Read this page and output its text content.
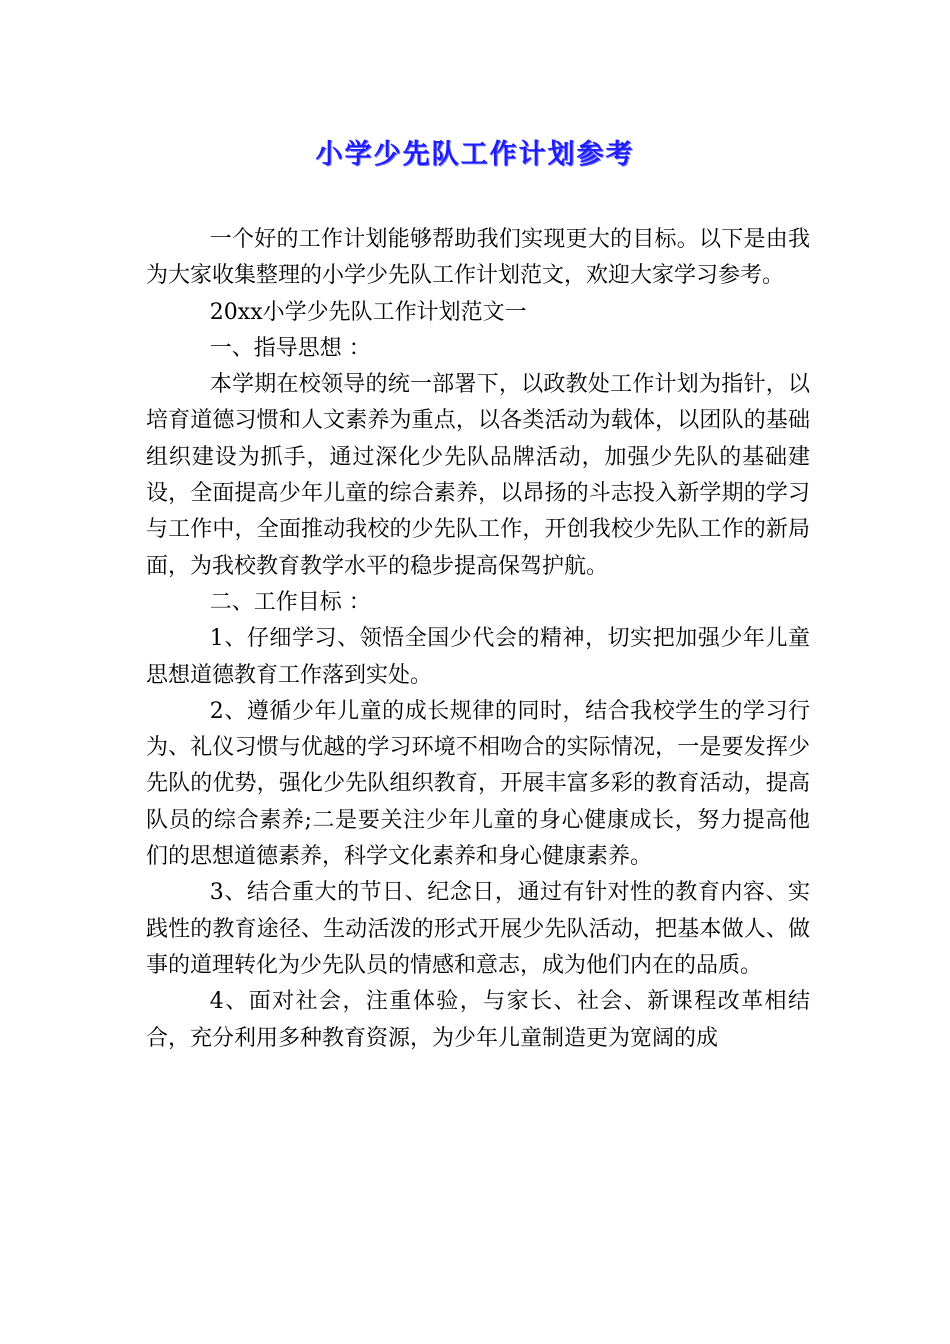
小学少先队工作计划参考

一个好的工作计划能够帮助我们实现更大的目标。以下是由我为大家收集整理的小学少先队工作计划范文，欢迎大家学习参考。

20xx小学少先队工作计划范文一

一、指导思想 ：

本学期在校领导的统一部署下，以政教处工作计划为指针，以培育道德习惯和人文素养为重点，以各类活动为载体，以团队的基础组织建设为抓手，通过深化少先队品牌活动，加强少先队的基础建设，全面提高少年儿童的综合素养，以昂扬的斗志投入新学期的学习与工作中，全面推动我校的少先队工作，开创我校少先队工作的新局面，为我校教育教学水平的稳步提高保驾护航。

二、工作目标 ：

1、仔细学习、领悟全国少代会的精神，切实把加强少年儿童思想道德教育工作落到实处。

2、遵循少年儿童的成长规律的同时，结合我校学生的学习行为、礼仪习惯与优越的学习环境不相吻合的实际情况，一是要发挥少先队的优势，强化少先队组织教育，开展丰富多彩的教育活动，提高队员的综合素养;二是要关注少年儿童的身心健康成长，努力提高他们的思想道德素养，科学文化素养和身心健康素养。

3、结合重大的节日、纪念日，通过有针对性的教育内容、实践性的教育途径、生动活泼的形式开展少先队活动，把基本做人、做事的道理转化为少先队员的情感和意志，成为他们内在的品质。

4、面对社会，注重体验，与家长、社会、新课程改革相结合，充分利用多种教育资源，为少年儿童制造更为宽阔的成
